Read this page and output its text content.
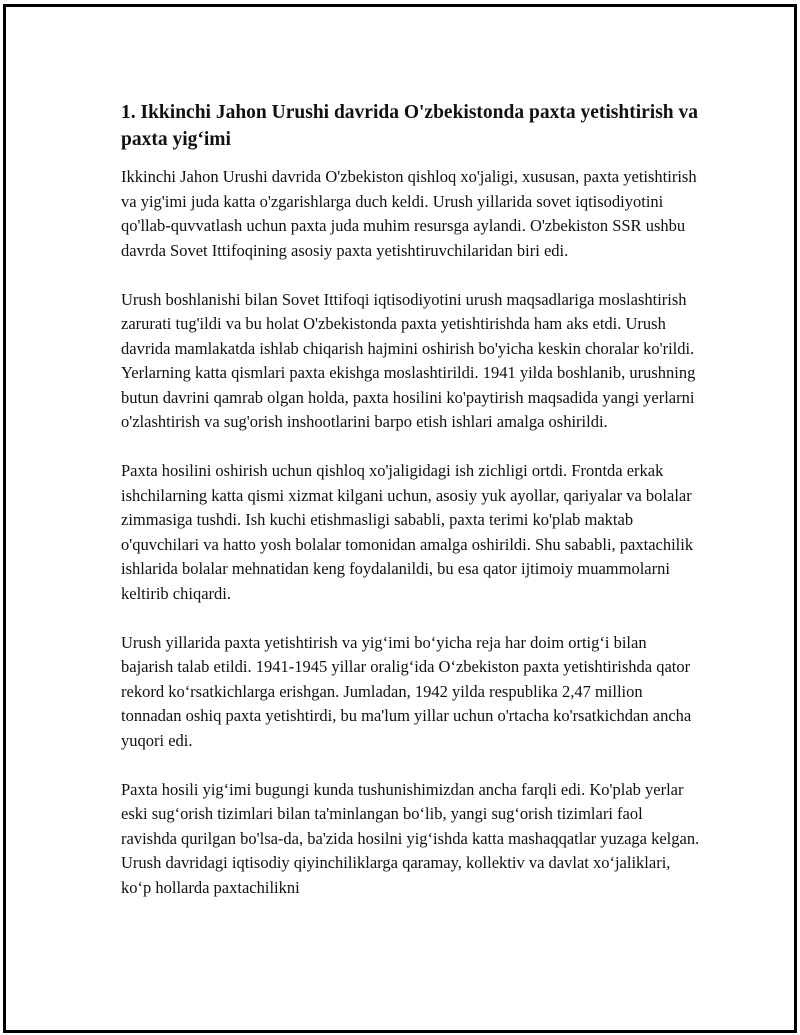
1. Ikkinchi Jahon Urushi davrida O'zbekistonda paxta yetishtirish va paxta yig‘imi

Ikkinchi Jahon Urushi davrida O'zbekiston qishloq xo'jaligi, xususan, paxta yetishtirish va yig'imi juda katta o'zgarishlarga duch keldi. Urush yillarida sovet iqtisodiyotini qo'llab-quvvatlash uchun paxta juda muhim resursga aylandi. O'zbekiston SSR ushbu davrda Sovet Ittifoqining asosiy paxta yetishtiruvchilaridan biri edi.

Urush boshlanishi bilan Sovet Ittifoqi iqtisodiyotini urush maqsadlariga moslashtirish zarurati tug'ildi va bu holat O'zbekistonda paxta yetishtirishda ham aks etdi. Urush davrida mamlakatda ishlab chiqarish hajmini oshirish bo'yicha keskin choralar ko'rildi. Yerlarning katta qismlari paxta ekishga moslashtirildi. 1941 yilda boshlanib, urushning butun davrini qamrab olgan holda, paxta hosilini ko'paytirish maqsadida yangi yerlarni o'zlashtirish va sug'orish inshootlarini barpo etish ishlari amalga oshirildi.

Paxta hosilini oshirish uchun qishloq xo'jaligidagi ish zichligi ortdi. Frontda erkak ishchilarning katta qismi xizmat kilgani uchun, asosiy yuk ayollar, qariyalar va bolalar zimmasiga tushdi. Ish kuchi etishmasligi sababli, paxta terimi ko'plab maktab o'quvchilari va hatto yosh bolalar tomonidan amalga oshirildi. Shu sababli, paxtachilik ishlarida bolalar mehnatidan keng foydalanildi, bu esa qator ijtimoiy muammolarni keltirib chiqardi.

Urush yillarida paxta yetishtirish va yig‘imi bo‘yicha reja har doim ortig‘i bilan bajarish talab etildi. 1941-1945 yillar oralig‘ida O‘zbekiston paxta yetishtirishda qator rekord ko‘rsatkichlarga erishgan. Jumladan, 1942 yilda respublika 2,47 million tonnadan oshiq paxta yetishtirdi, bu ma'lum yillar uchun o'rtacha ko'rsatkichdan ancha yuqori edi.

Paxta hosili yig‘imi bugungi kunda tushunishimizdan ancha farqli edi. Ko'plab yerlar eski sug‘orish tizimlari bilan ta'minlangan bo‘lib, yangi sug‘orish tizimlari faol ravishda qurilgan bo'lsa-da, ba'zida hosilni yig‘ishda katta mashaqqatlar yuzaga kelgan. Urush davridagi iqtisodiy qiyinchiliklarga qaramay, kollektiv va davlat xo‘jaliklari, ko‘p hollarda paxtachilikni
